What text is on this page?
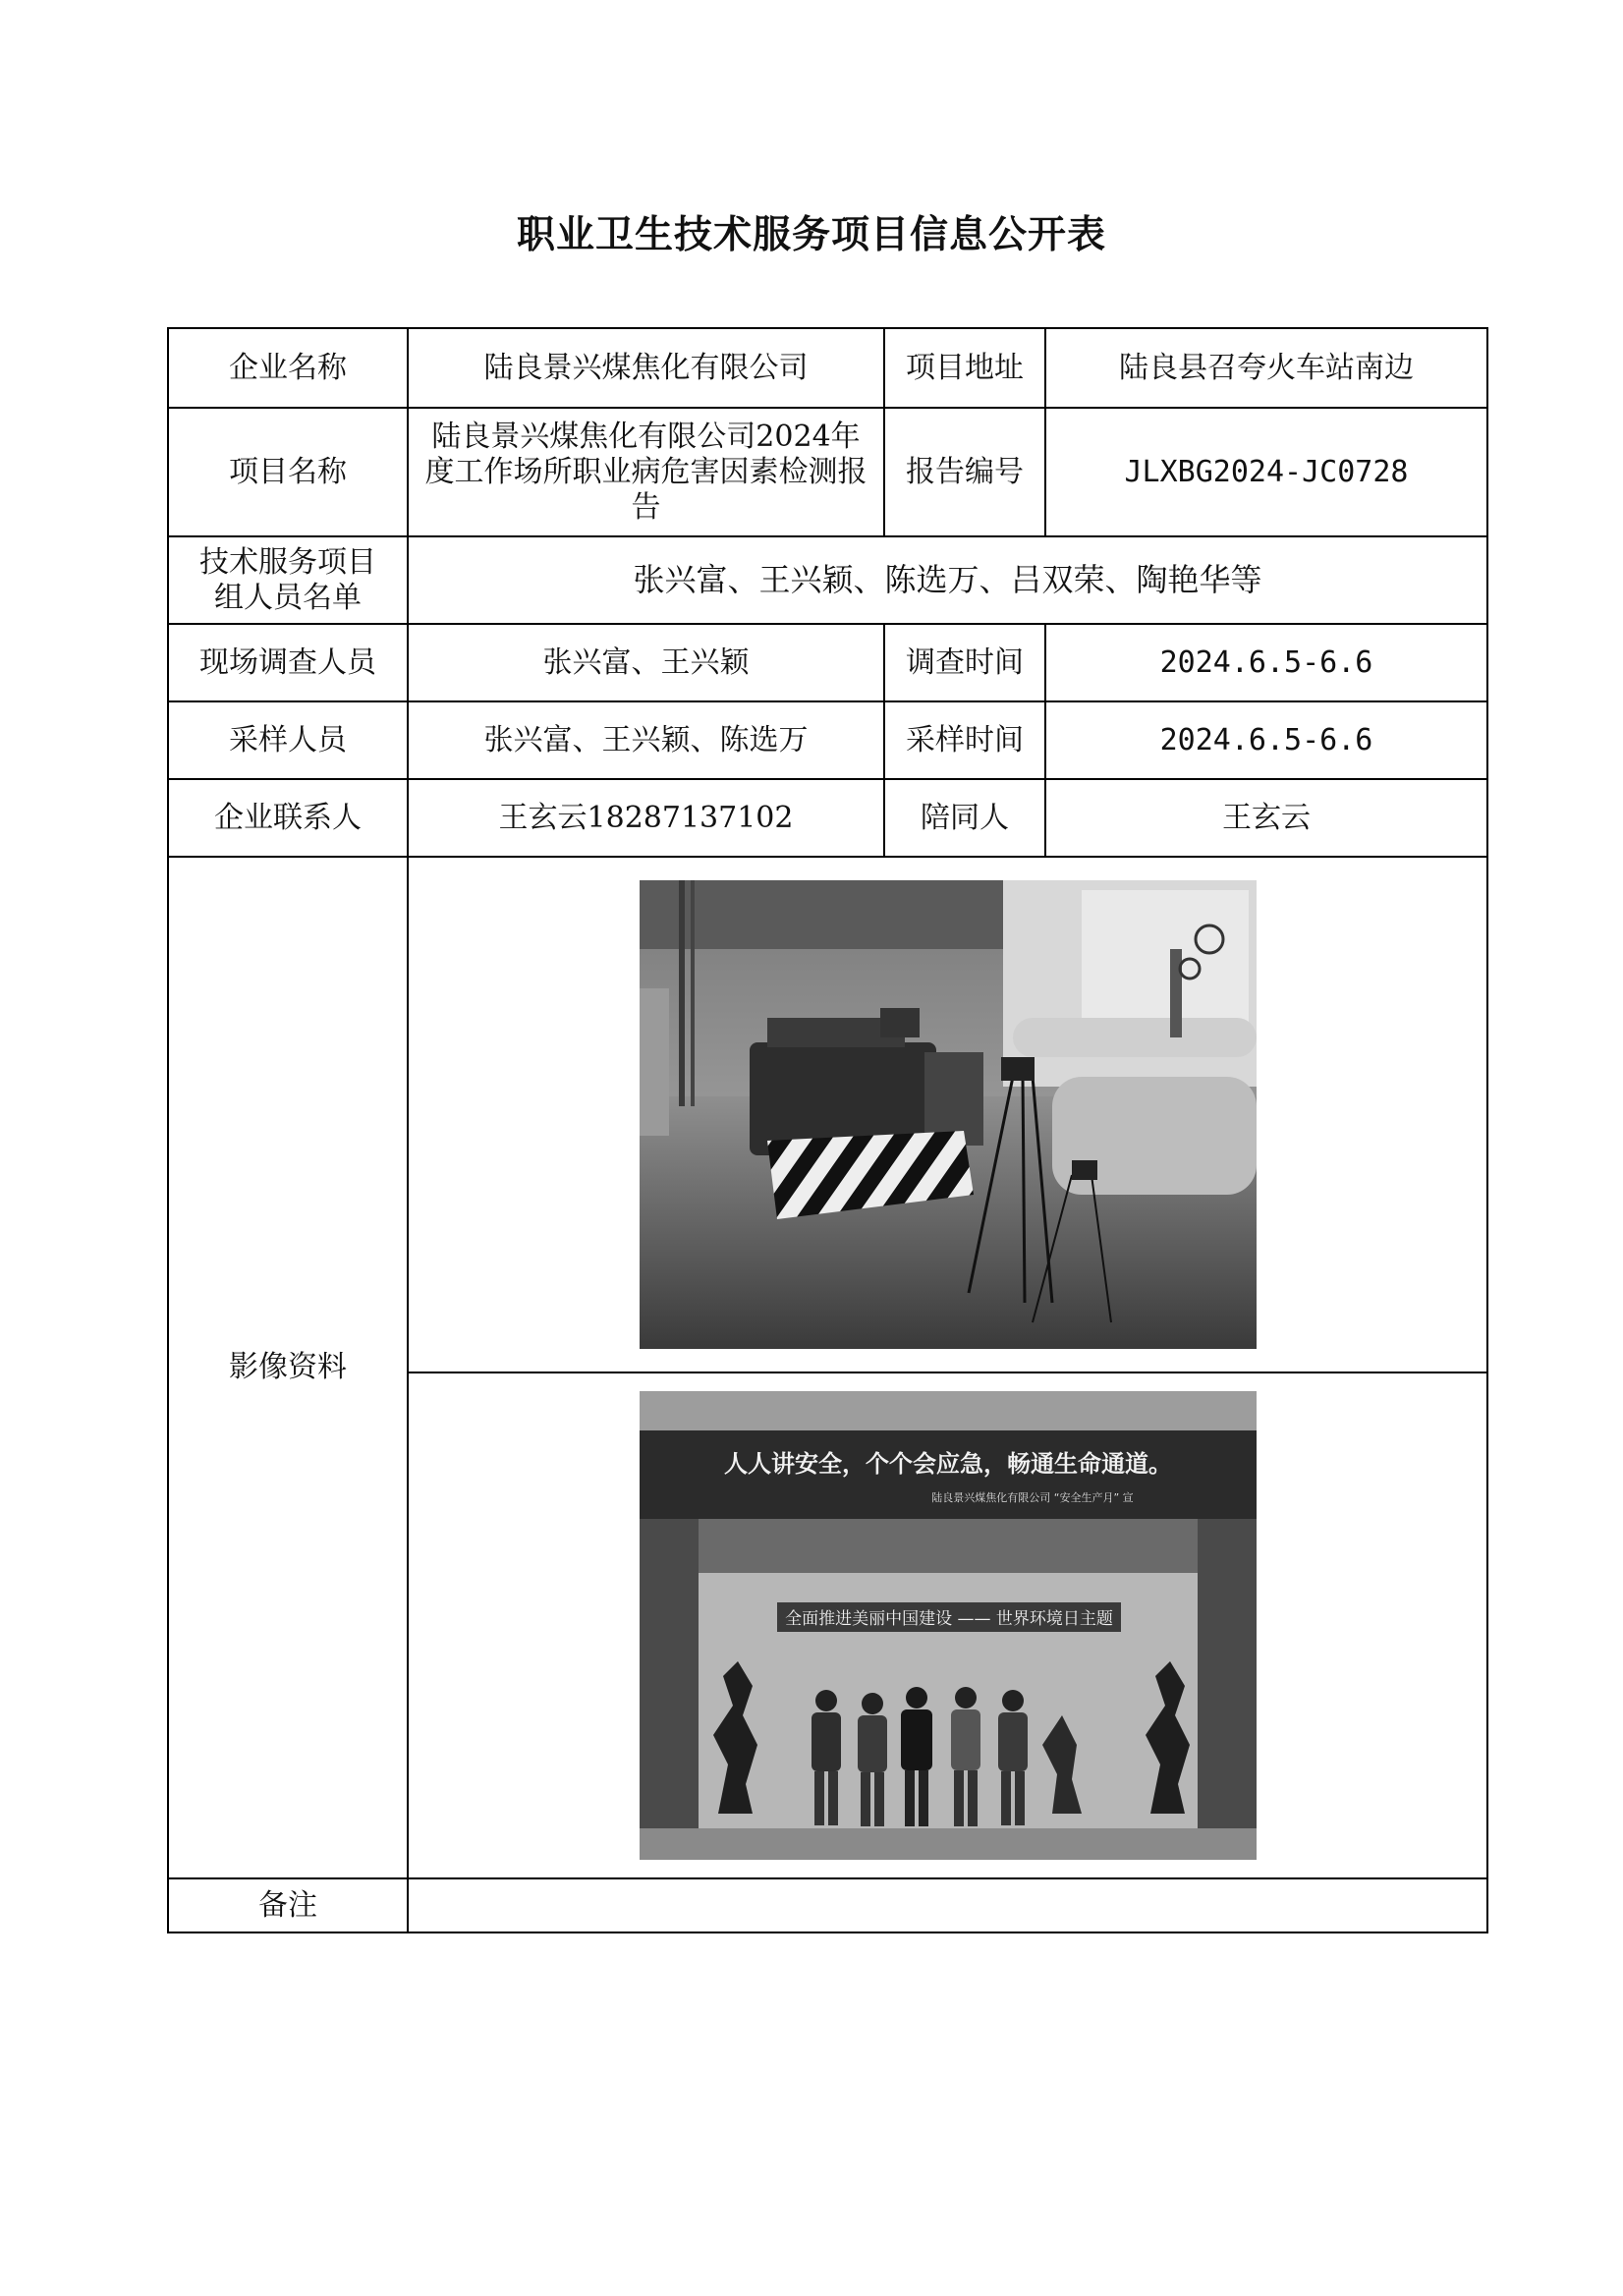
职业卫生技术服务项目信息公开表
企业名称	陆良景兴煤焦化有限公司	项目地址	陆良县召夸火车站南边
项目名称	陆良景兴煤焦化有限公司2024年度工作场所职业病危害因素检测报告	报告编号	JLXBG2024-JC0728
技术服务项目组人员名单	张兴富、王兴颖、陈选万、吕双荣、陶艳华等		
现场调查人员	张兴富、王兴颖	调查时间	2024.6.5-6.6
采样人员	张兴富、王兴颖、陈选万	采样时间	2024.6.5-6.6
企业联系人	王玄云18287137102	陪同人	王玄云
影像资料	

人人讲安全，个个会应急，畅通生命通道。
陆良景兴煤焦化有限公司 “安全生产月” 宣
全面推进美丽中国建设 —— 世界环境日主题		

备注			
